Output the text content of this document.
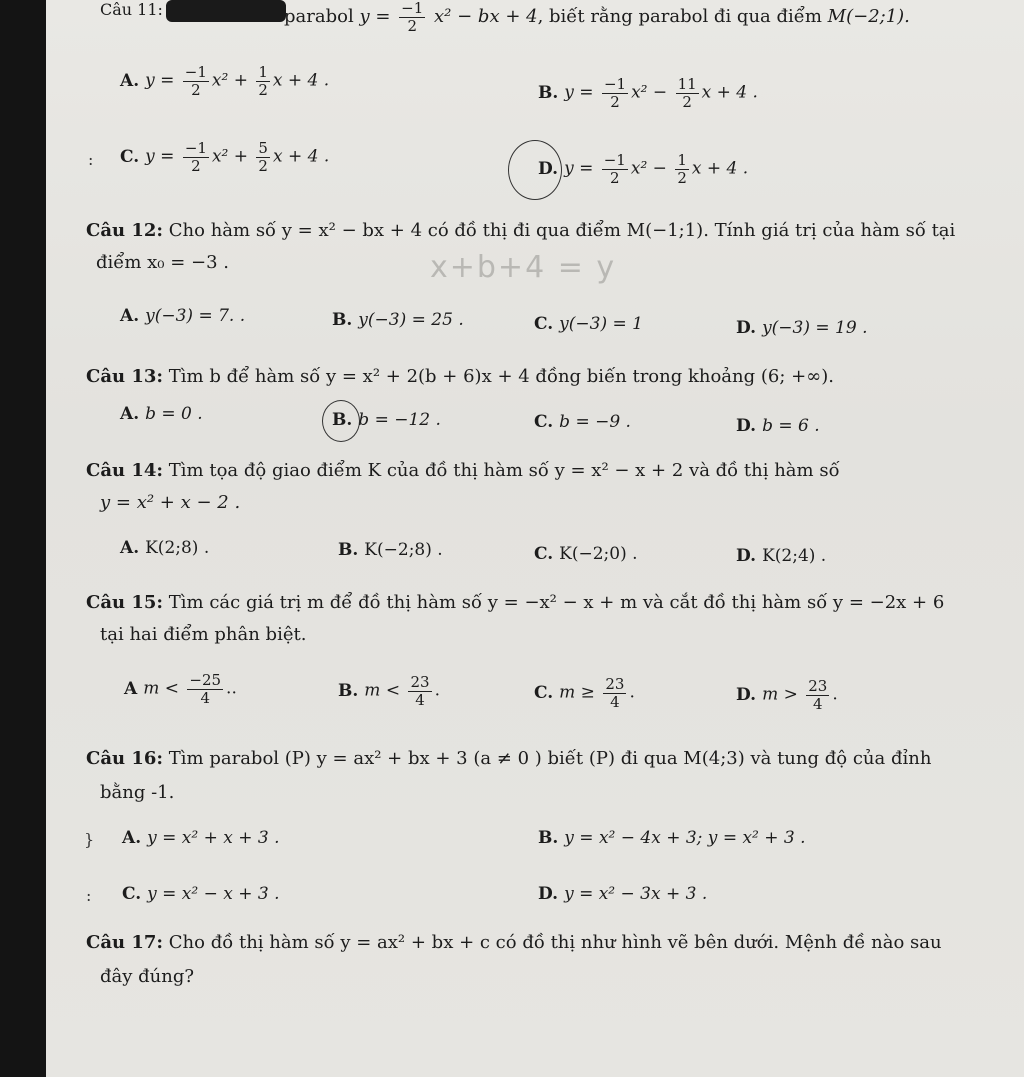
Câu 11:	parabol $y = \frac{-1}{2} x^2$ − bx + 4, biết rằng parabol đi qua điểm M(−2;1).
A. $y = \frac{-1}{2} x^2 + \frac{1}{2}$ x + 4 .
B. $y = \frac{-1}{2} x^2 - \frac{11}{2}$ x + 4 .
: C. $y = \frac{-1}{2} x^2 + \frac{5}{2}$ x + 4 .
D. $y = \frac{-1}{2} x^2 - \frac{1}{2}$ x + 4 .
Câu 12: Cho hàm số y = x² − bx + 4 có đồ thị đi qua điểm M(−1;1). Tính giá trị của hàm số tại
điểm x₀ = −3 .	x+b+4 = y
A. y(−3) = 7. .	B. y(−3) = 25 .	C. y(−3) = 1	D. y(−3) = 19 .
Câu 13: Tìm b để hàm số y = x² + 2(b + 6)x + 4 đồng biến trong khoảng (6; +∞).
A. b = 0 .	B. b = −12 .	C. b = −9 .	D. b = 6 .
Câu 14: Tìm tọa độ giao điểm K của đồ thị hàm số y = x² − x + 2 và đồ thị hàm số
y = x² + x − 2 .
A. K(2;8) .	B. K(−2;8) .	C. K(−2;0) .	D. K(2;4) .
Câu 15: Tìm các giá trị m để đồ thị hàm số y = −x² − x + m và cắt đồ thị hàm số y = −2x + 6
tại hai điểm phân biệt.
A $m < \frac{-25}{4}$ ..	B. $m < \frac{23}{4}$ .	C. $m \ge \frac{23}{4}$ .	D. $m > \frac{23}{4}$ .
Câu 16: Tìm parabol (P) y = ax² + bx + 3 (a ≠ 0 ) biết (P) đi qua M(4;3) và tung độ của đỉnh
bằng -1.
} A. y = x² + x + 3 .	B. y = x² − 4x + 3; y = x² + 3 .
: C. y = x² − x + 3 .	D. y = x² − 3x + 3 .
Câu 17: Cho đồ thị hàm số y = ax² + bx + c có đồ thị như hình vẽ bên dưới. Mệnh đề nào sau
đây đúng?
